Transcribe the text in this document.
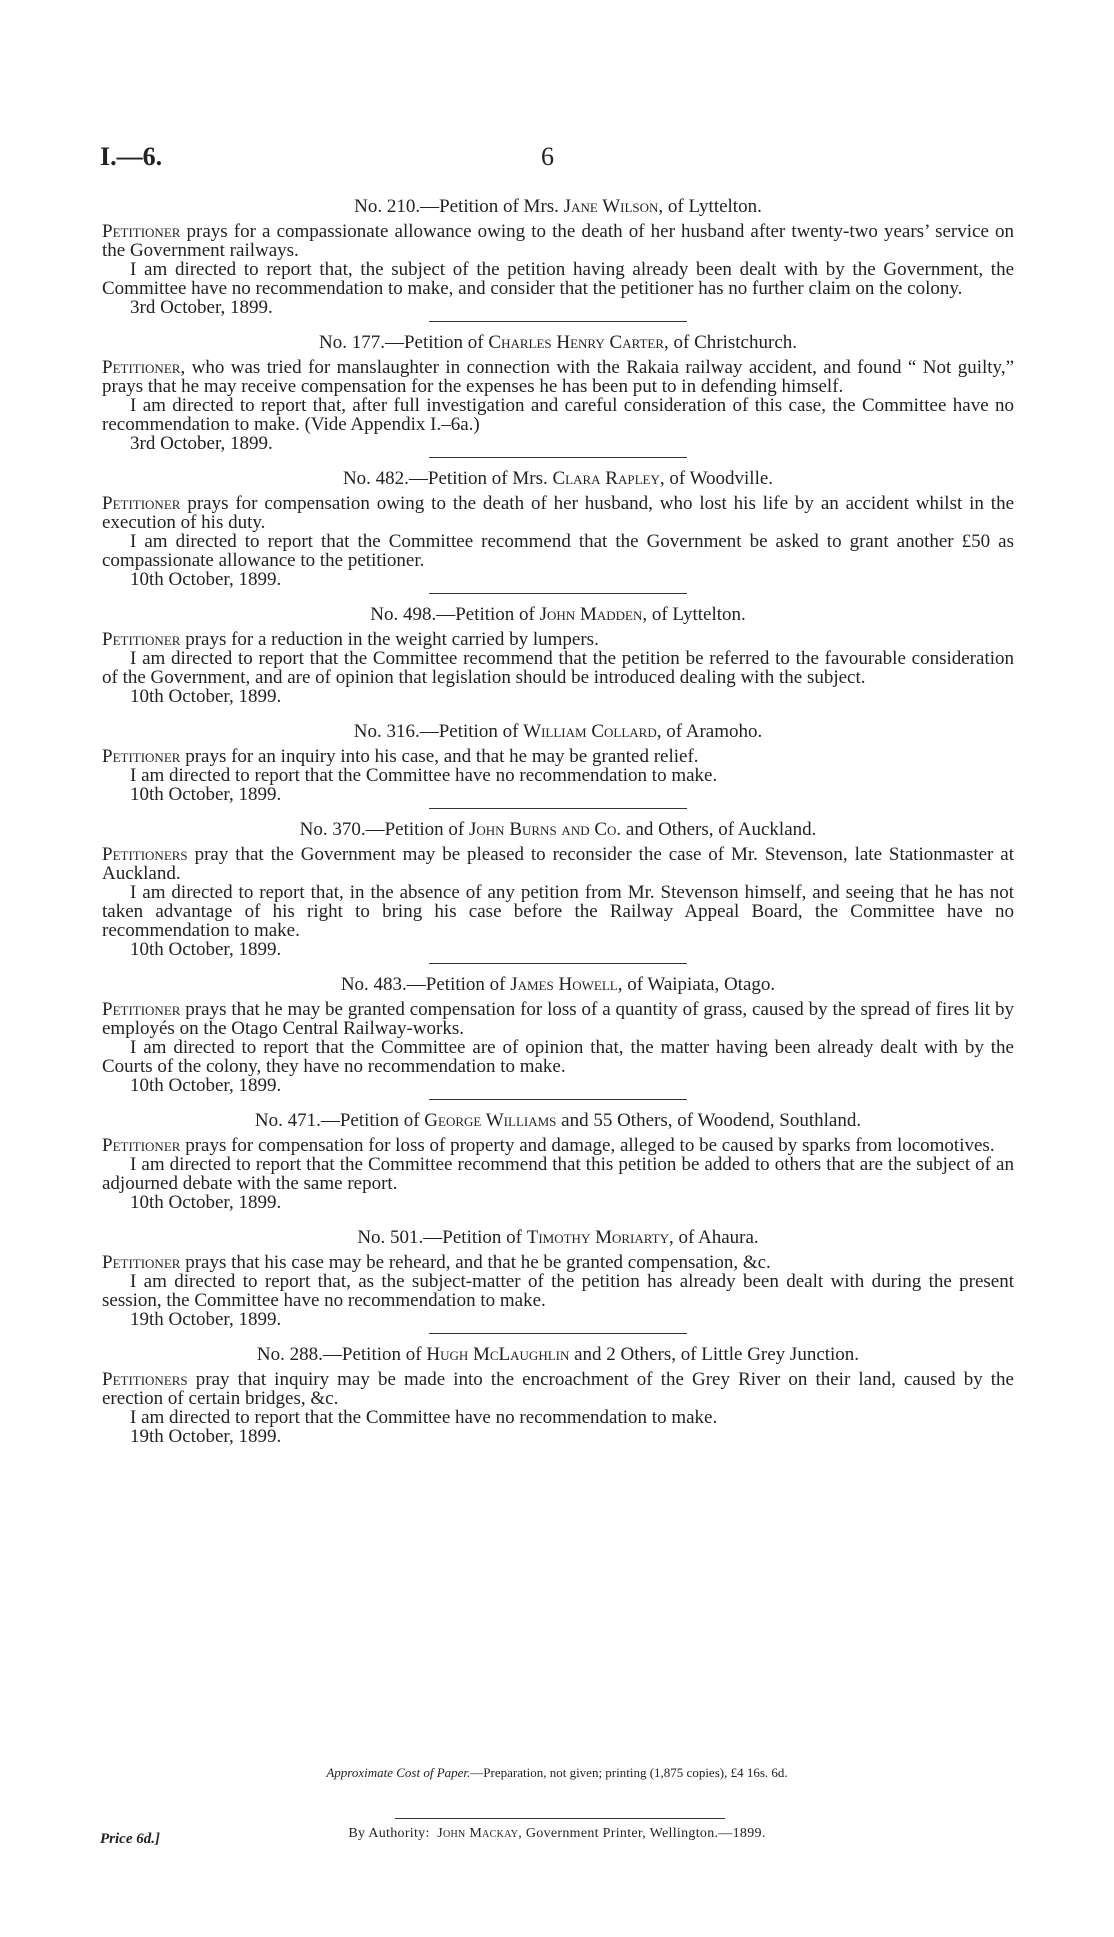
I.—6.	6
No. 210.—Petition of Mrs. Jane Wilson, of Lyttelton.

Petitioner prays for a compassionate allowance owing to the death of her husband after twenty-two years’ service on the Government railways.

I am directed to report that, the subject of the petition having already been dealt with by the Government, the Committee have no recommendation to make, and consider that the petitioner has no further claim on the colony.

3rd October, 1899.

No. 177.—Petition of Charles Henry Carter, of Christchurch.

Petitioner, who was tried for manslaughter in connection with the Rakaia railway accident, and found “ Not guilty,” prays that he may receive compensation for the expenses he has been put to in defending himself.

I am directed to report that, after full investigation and careful consideration of this case, the Committee have no recommendation to make. (Vide Appendix I.–6a.)

3rd October, 1899.

No. 482.—Petition of Mrs. Clara Rapley, of Woodville.

Petitioner prays for compensation owing to the death of her husband, who lost his life by an accident whilst in the execution of his duty.

I am directed to report that the Committee recommend that the Government be asked to grant another £50 as compassionate allowance to the petitioner.

10th October, 1899.

No. 498.—Petition of John Madden, of Lyttelton.

Petitioner prays for a reduction in the weight carried by lumpers.

I am directed to report that the Committee recommend that the petition be referred to the favourable consideration of the Government, and are of opinion that legislation should be introduced dealing with the subject.

10th October, 1899.

No. 316.—Petition of William Collard, of Aramoho.

Petitioner prays for an inquiry into his case, and that he may be granted relief.

I am directed to report that the Committee have no recommendation to make.

10th October, 1899.

No. 370.—Petition of John Burns and Co. and Others, of Auckland.

Petitioners pray that the Government may be pleased to reconsider the case of Mr. Stevenson, late Stationmaster at Auckland.

I am directed to report that, in the absence of any petition from Mr. Stevenson himself, and seeing that he has not taken advantage of his right to bring his case before the Railway Appeal Board, the Committee have no recommendation to make.

10th October, 1899.

No. 483.—Petition of James Howell, of Waipiata, Otago.

Petitioner prays that he may be granted compensation for loss of a quantity of grass, caused by the spread of fires lit by employés on the Otago Central Railway-works.

I am directed to report that the Committee are of opinion that, the matter having been already dealt with by the Courts of the colony, they have no recommendation to make.

10th October, 1899.

No. 471.—Petition of George Williams and 55 Others, of Woodend, Southland.

Petitioner prays for compensation for loss of property and damage, alleged to be caused by sparks from locomotives.

I am directed to report that the Committee recommend that this petition be added to others that are the subject of an adjourned debate with the same report.

10th October, 1899.

No. 501.—Petition of Timothy Moriarty, of Ahaura.

Petitioner prays that his case may be reheard, and that he be granted compensation, &c.

I am directed to report that, as the subject-matter of the petition has already been dealt with during the present session, the Committee have no recommendation to make.

19th October, 1899.

No. 288.—Petition of Hugh McLaughlin and 2 Others, of Little Grey Junction.

Petitioners pray that inquiry may be made into the encroachment of the Grey River on their land, caused by the erection of certain bridges, &c.

I am directed to report that the Committee have no recommendation to make.

19th October, 1899.

Approximate Cost of Paper.—Preparation, not given; printing (1,875 copies), £4 16s. 6d.
By Authority: John Mackay, Government Printer, Wellington.—1899.
Price 6d.]
